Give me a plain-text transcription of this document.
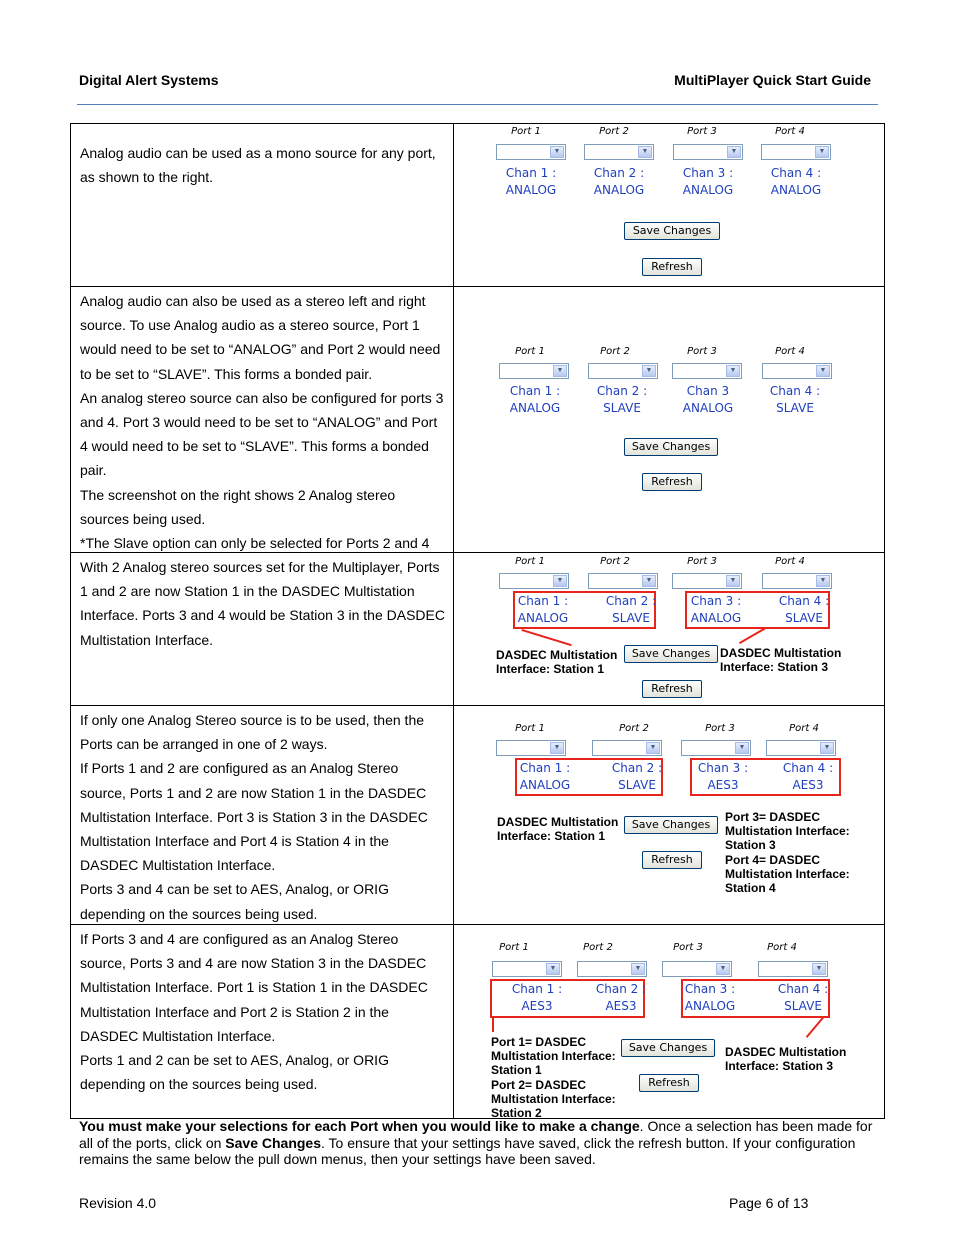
Digital Alert Systems	MultiPlayer Quick Start Guide

Analog audio can be used as a mono source for any port, as shown to the right.

Port 1	Port 2	Port 3	Port 4
▼	▼	▼	▼
Chan 1 :
ANALOG
Chan 2 :
ANALOG
Chan 3 :
ANALOG
Chan 4 :
ANALOG
Save Changes
Refresh

Analog audio can also be used as a stereo left and right source. To use Analog audio as a stereo source, Port 1 would need to be set to “ANALOG” and Port 2 would need to be set to “SLAVE”. This forms a bonded pair.

An analog stereo source can also be configured for ports 3 and 4. Port 3 would need to be set to “ANALOG” and Port 4 would need to be set to “SLAVE”. This forms a bonded pair.

The screenshot on the right shows 2 Analog stereo sources being used.

*The Slave option can only be selected for Ports 2 and 4

Port 1	Port 2	Port 3	Port 4
▼	▼	▼	▼
Chan 1 :
ANALOG
Chan 2 :
SLAVE
Chan 3
ANALOG
Chan 4 :
SLAVE
Save Changes
Refresh

With 2 Analog stereo sources set for the Multiplayer, Ports 1 and 2 are now Station 1 in the DASDEC Multistation Interface. Ports 3 and 4 would be Station 3 in the DASDEC Multistation Interface.

Port 1	Port 2	Port 3	Port 4
▼	▼	▼	▼
Chan 1 :
ANALOG
Chan 2 :
SLAVE
Chan 3 :
ANALOG
Chan 4 :
SLAVE
DASDEC Multistation Interface: Station 1
DASDEC Multistation Interface: Station 3
Save Changes
Refresh

If only one Analog Stereo source is to be used, then the Ports can be arranged in one of 2 ways.

If Ports 1 and 2 are configured as an Analog Stereo source, Ports 1 and 2 are now Station 1 in the DASDEC Multistation Interface. Port 3 is Station 3 in the DASDEC Multistation Interface and Port 4 is Station 4 in the DASDEC Multistation Interface.

Ports 3 and 4 can be set to AES, Analog, or ORIG depending on the sources being used.

Port 1	Port 2	Port 3	Port 4
▼	▼	▼	▼
Chan 1 :
ANALOG
Chan 2 :
SLAVE
Chan 3 :
AES3
Chan 4 :
AES3
DASDEC Multistation Interface: Station 1
Port 3= DASDEC Multistation Interface: Station 3
Port 4= DASDEC Multistation Interface: Station 4
Save Changes
Refresh

If Ports 3 and 4 are configured as an Analog Stereo source, Ports 3 and 4 are now Station 3 in the DASDEC Multistation Interface. Port 1 is Station 1 in the DASDEC Multistation Interface and Port 2 is Station 2 in the DASDEC Multistation Interface.

Ports 1 and 2 can be set to AES, Analog, or ORIG depending on the sources being used.

Port 1	Port 2	Port 3	Port 4
▼	▼	▼	▼
Chan 1 :
AES3
Chan 2 :
AES3
Chan 3 :
ANALOG
Chan 4 :
SLAVE
Port 1= DASDEC Multistation Interface: Station 1
Port 2= DASDEC Multistation Interface: Station 2
DASDEC Multistation Interface: Station 3
Save Changes
Refresh
You must make your selections for each Port when you would like to make a change. Once a selection has been made for all of the ports, click on Save Changes. To ensure that your settings have saved, click the refresh button. If your configuration remains the same below the pull down menus, then your settings have been saved.
Revision 4.0	Page 6 of 13
